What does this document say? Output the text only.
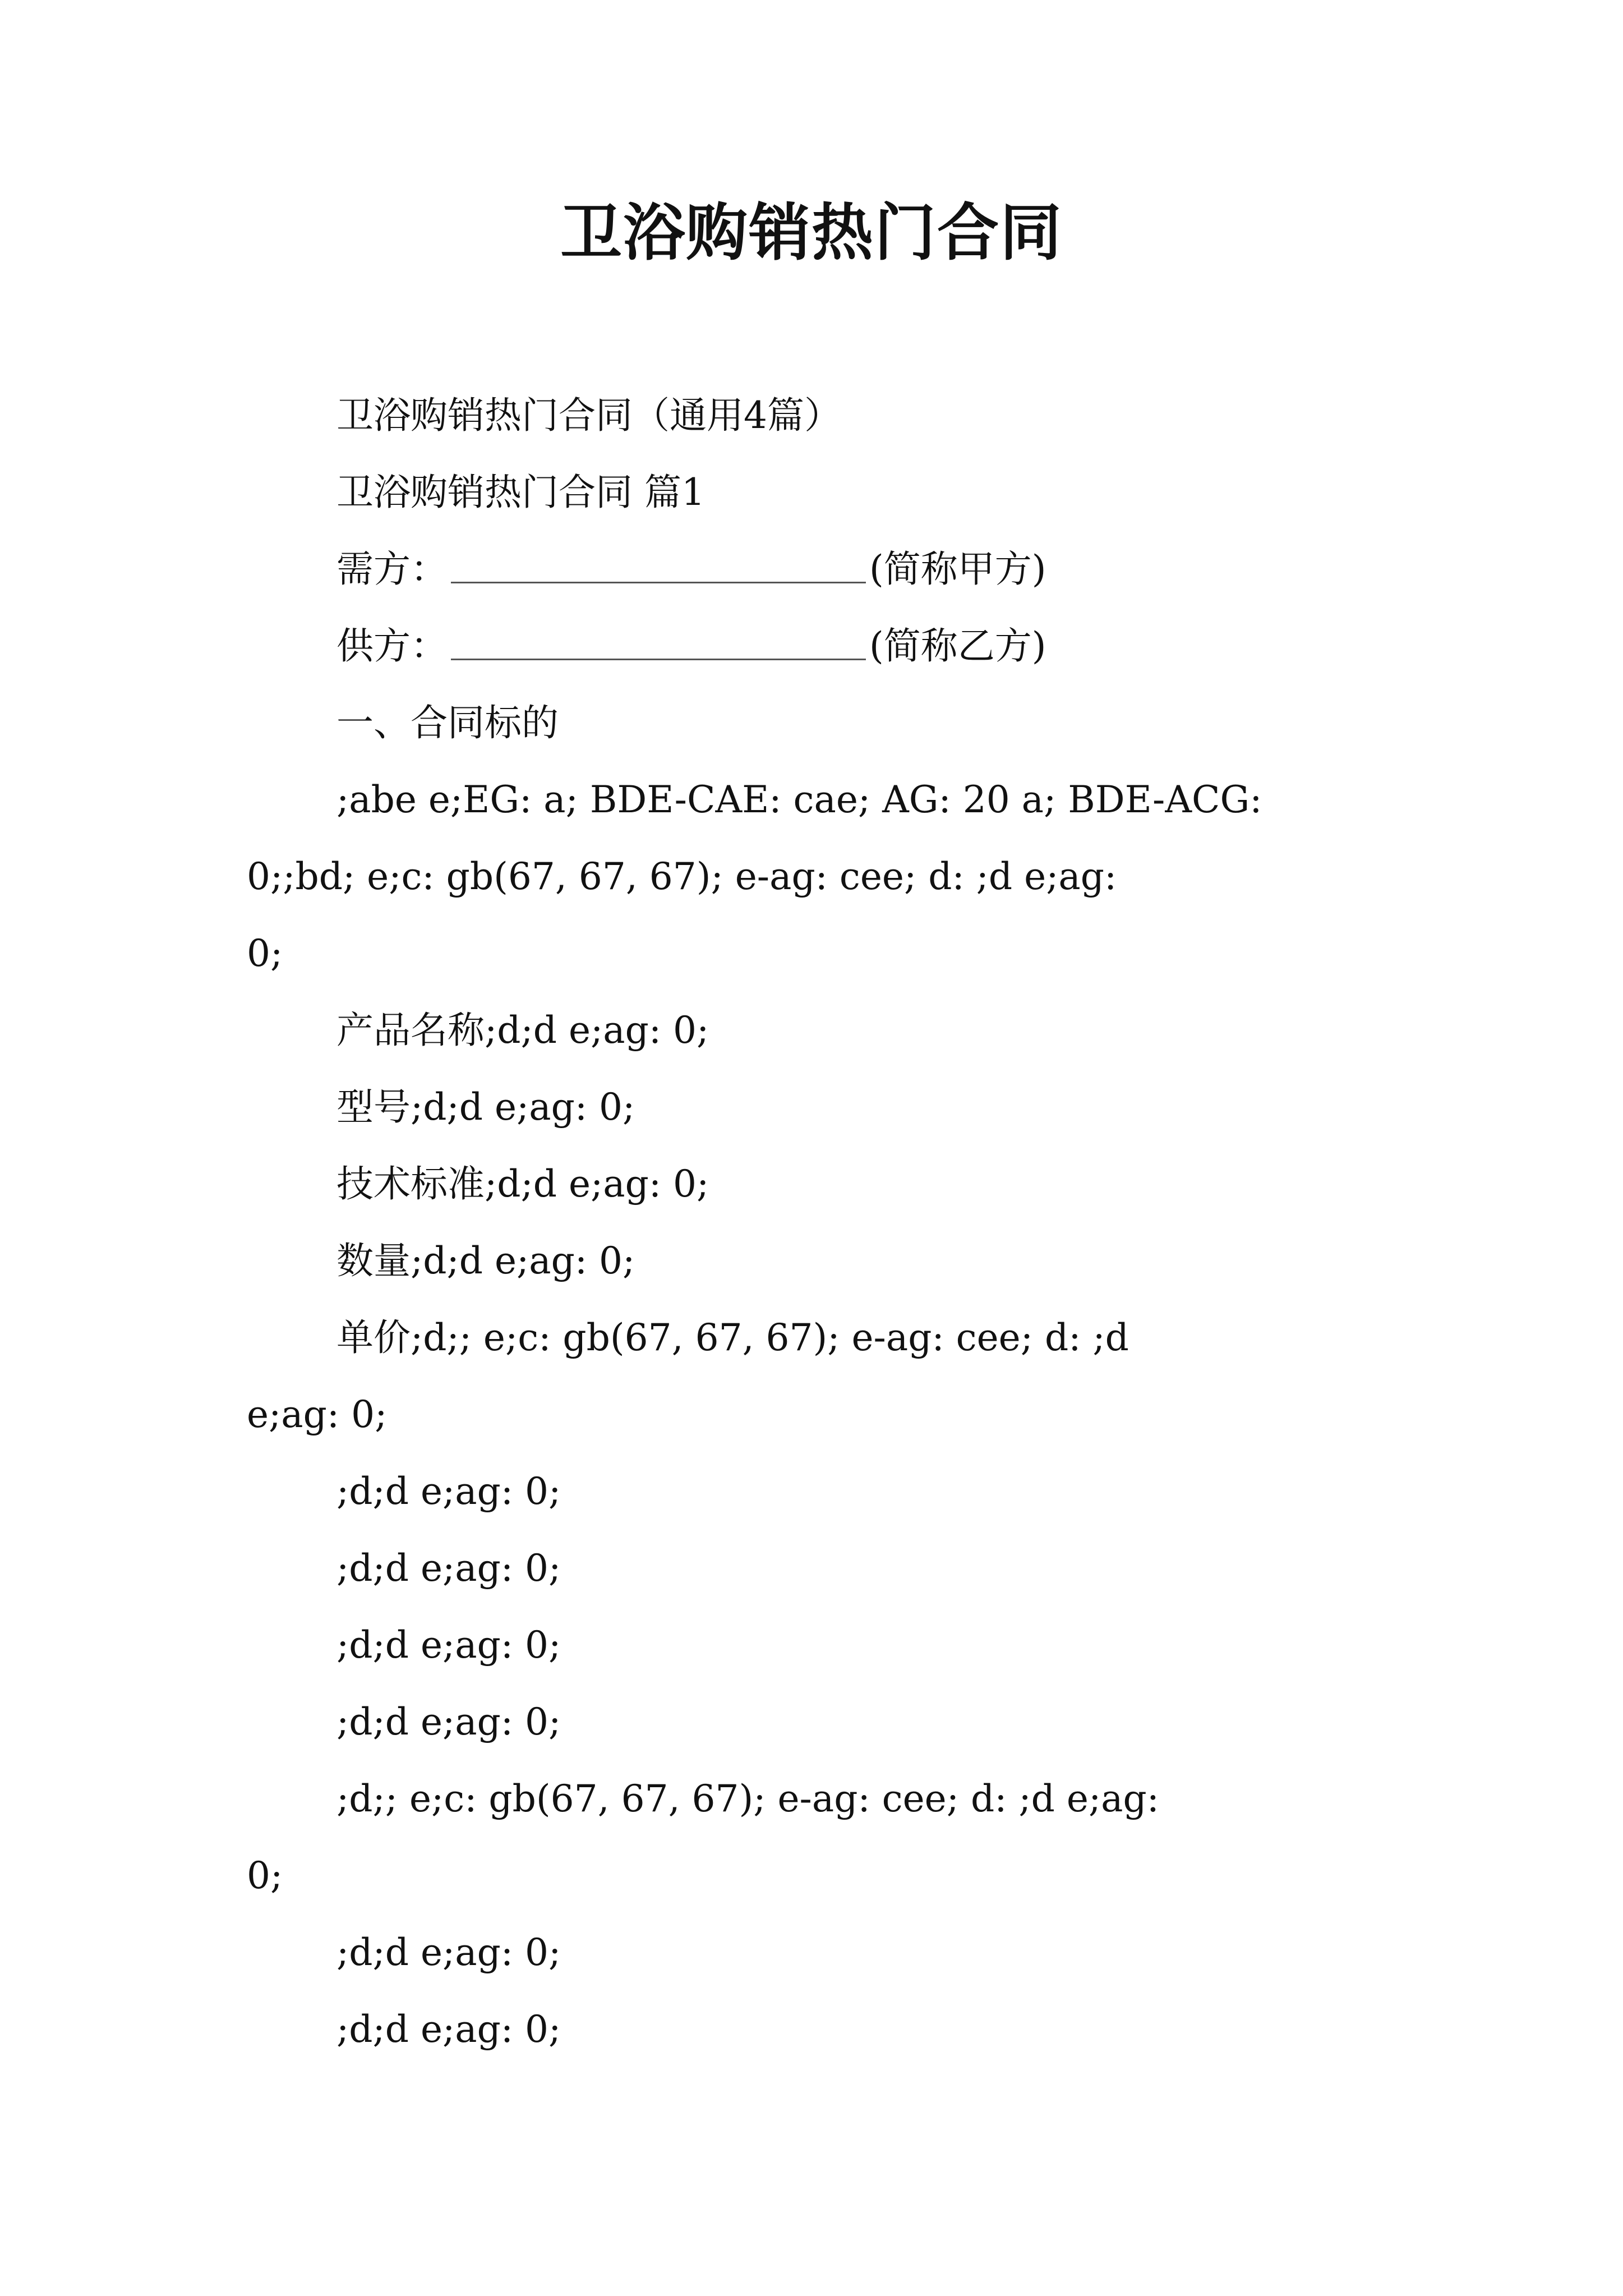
卫浴购销热门合同
卫浴购销热门合同（通用4篇）
卫浴购销热门合同 篇1
需方：	(简称甲方)
供方：	(简称乙方)
一、合同标的
;abe e;EG: a; BDE-CAE: cae; AG: 20 a; BDE-ACG:
0;;bd; e;c: gb(67, 67, 67); e-ag: cee; d: ;d e;ag:
0;
产品名称;d;d e;ag: 0;
型号;d;d e;ag: 0;
技术标准;d;d e;ag: 0;
数量;d;d e;ag: 0;
单价;d;; e;c: gb(67, 67, 67); e-ag: cee; d: ;d
e;ag: 0;
;d;d e;ag: 0;
;d;d e;ag: 0;
;d;d e;ag: 0;
;d;d e;ag: 0;
;d;; e;c: gb(67, 67, 67); e-ag: cee; d: ;d e;ag:
0;
;d;d e;ag: 0;
;d;d e;ag: 0;
